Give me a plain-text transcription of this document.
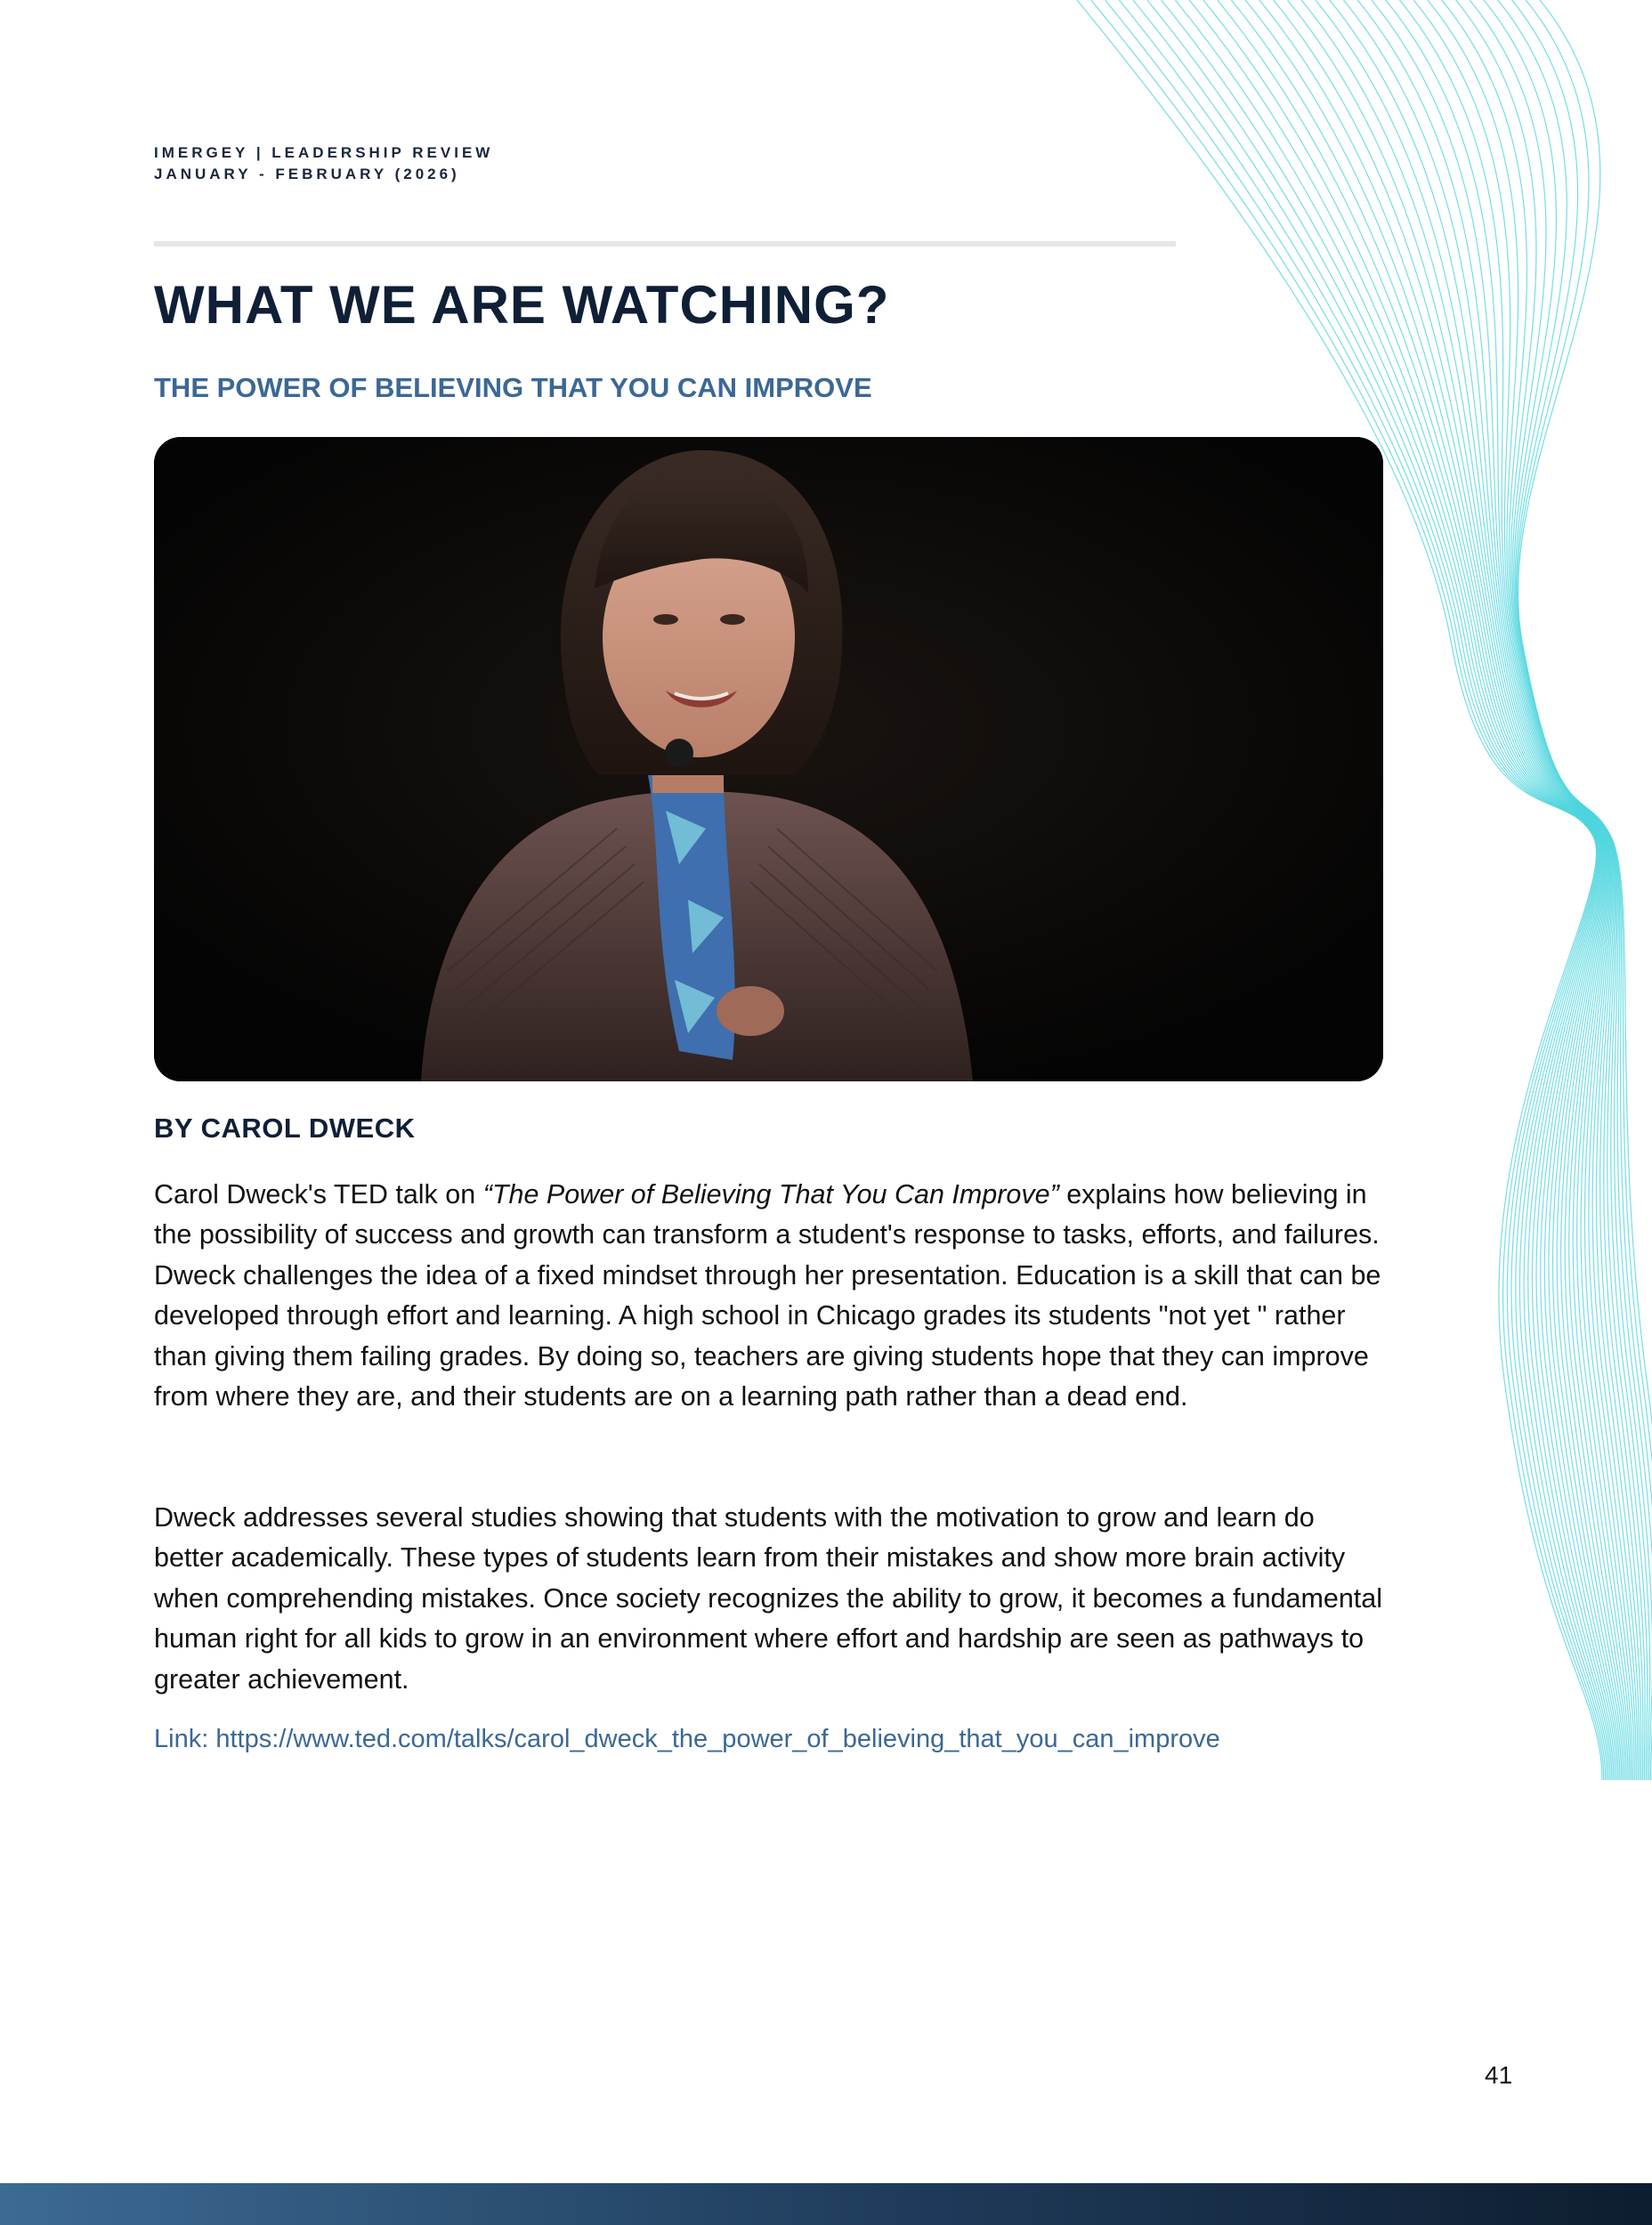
IMERGEY | LEADERSHIP REVIEW
JANUARY - FEBRUARY (2026)
WHAT WE ARE WATCHING?
THE POWER OF BELIEVING THAT YOU CAN IMPROVE
BY CAROL DWECK

Carol Dweck's TED talk on “The Power of Believing That You Can Improve” explains how believing in the possibility of success and growth can transform a student's response to tasks, efforts, and failures. Dweck challenges the idea of a fixed mindset through her presentation. Education is a skill that can be developed through effort and learning. A high school in Chicago grades its students "not yet " rather than giving them failing grades. By doing so, teachers are giving students hope that they can improve from where they are, and their students are on a learning path rather than a dead end.

Dweck addresses several studies showing that students with the motivation to grow and learn do better academically. These types of students learn from their mistakes and show more brain activity when comprehending mistakes. Once society recognizes the ability to grow, it becomes a fundamental human right for all kids to grow in an environment where effort and hardship are seen as pathways to greater achievement.

Link: https://www.ted.com/talks/carol_dweck_the_power_of_believing_that_you_can_improve
41
